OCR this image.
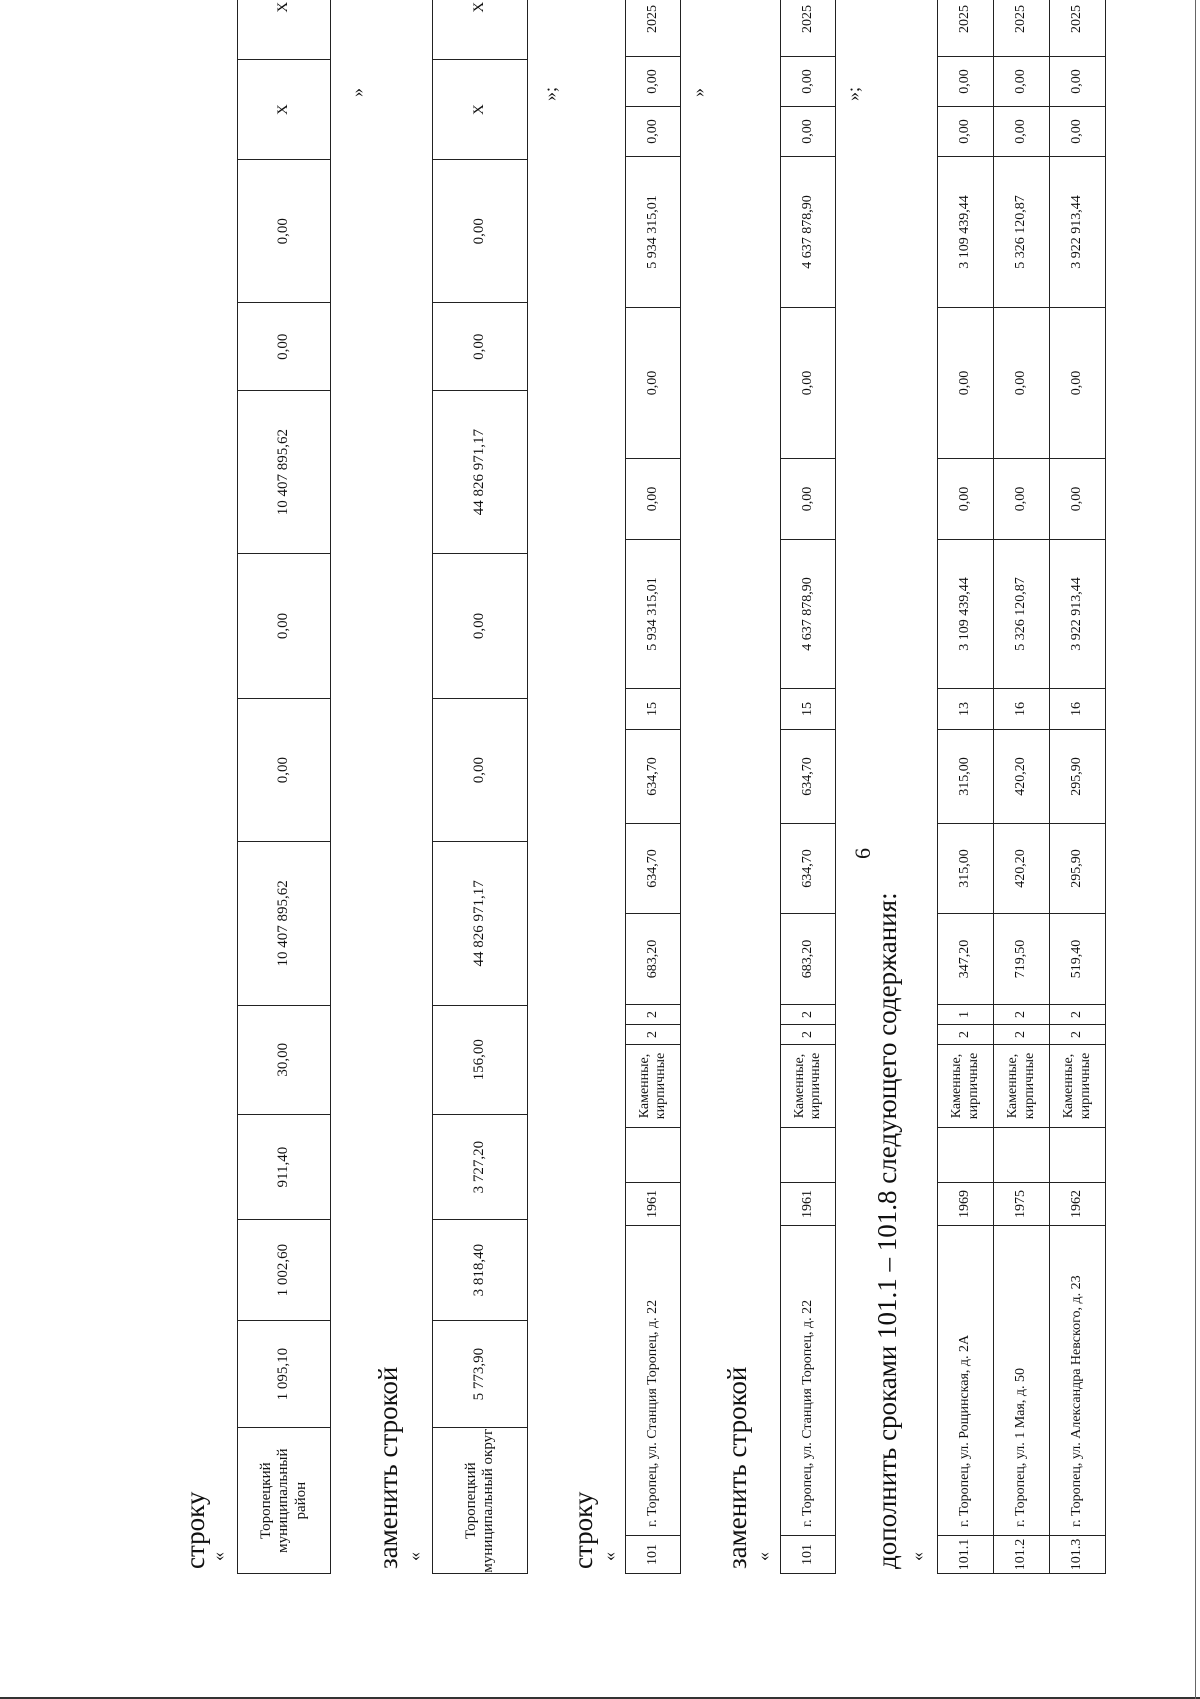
6
строку
«
Торопецкий муниципальный район	1 095,10	1 002,60	911,40	30,00	10 407 895,62	0,00	0,00	10 407 895,62	0,00	0,00	X	X
»
заменить строкой «
Торопецкий муниципальный округ	5 773,90	3 818,40	3 727,20	156,00	44 826 971,17	0,00	0,00	44 826 971,17	0,00	0,00	X	X
»;
строку « 101	г. Торопец, ул. Станция Торопец, д. 22	1961		Каменные, кирпичные	2	2	683,20	634,70	634,70	15	5 934 315,01	0,00	0,00	5 934 315,01	0,00	0,00	2025	
»
заменить строкой « 101	г. Торопец, ул. Станция Торопец, д. 22	1961		Каменные, кирпичные	2	2	683,20	634,70	634,70	15	4 637 878,90	0,00	0,00	4 637 878,90	0,00	0,00	2025	
»;
дополнить сроками 101.1 – 101.8 следующего содержания: « 101.1	г. Торопец, ул. Рощинская, д. 2А	1969		Каменные, кирпичные	2	1	347,20	315,00	315,00	13	3 109 439,44	0,00	0,00	3 109 439,44	0,00	0,00	2025	
101.2	г. Торопец, ул. 1 Мая, д. 50	1975		Каменные, кирпичные	2	2	719,50	420,20	420,20	16	5 326 120,87	0,00	0,00	5 326 120,87	0,00	0,00	2025	
101.3	г. Торопец, ул. Александра Невского, д. 23	1962		Каменные, кирпичные	2	2	519,40	295,90	295,90	16	3 922 913,44	0,00	0,00	3 922 913,44	0,00	0,00	2025	
